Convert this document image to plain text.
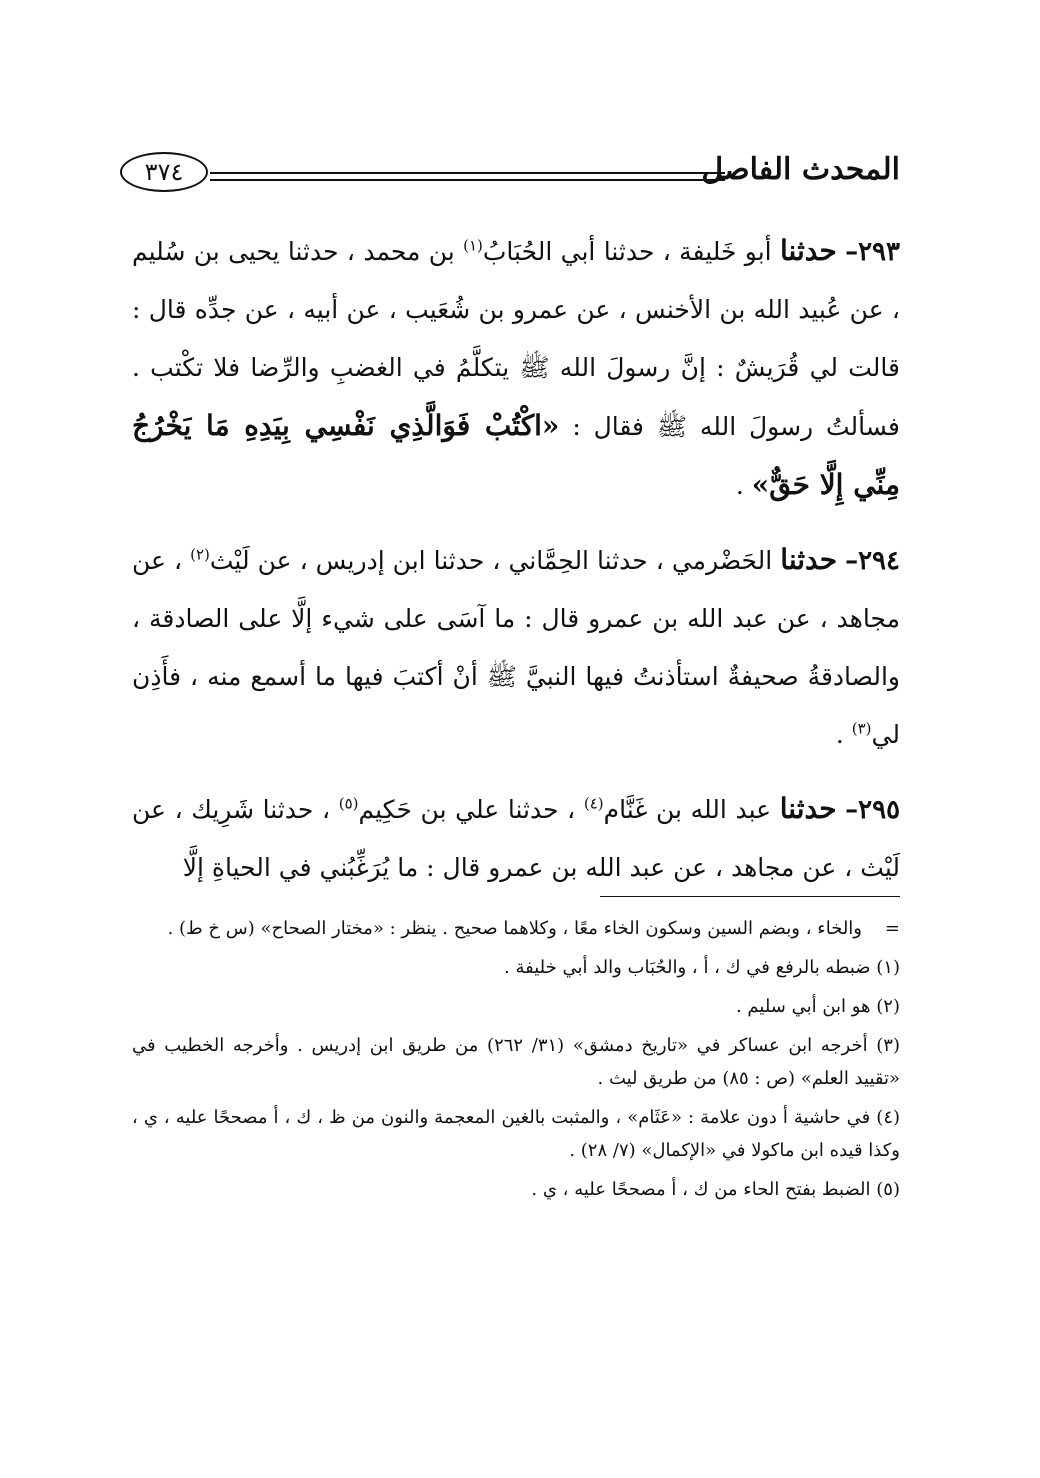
المحدث الفاصل
٣٧٤

٢٩٣– حدثنا أبو خَليفة ، حدثنا أبي الحُبَابُ$^{(١)}$ بن محمد ، حدثنا يحيى بن سُليم ، عن عُبيد الله بن الأخنس ، عن عمرو بن شُعَيب ، عن أبيه ، عن جدِّه قال : قالت لي قُرَيشٌ : إنَّ رسولَ الله ﷺ يتكلَّمُ في الغضبِ والرِّضا فلا تكْتب . فسألتُ رسولَ الله ﷺ فقال : «اكْتُبْ فَوَالَّذِي نَفْسِي بِيَدِهِ مَا يَخْرُجُ مِنِّي إِلَّا حَقٌّ» .

٢٩٤– حدثنا الحَضْرمي ، حدثنا الحِمَّاني ، حدثنا ابن إدريس ، عن لَيْث$^{(٢)}$ ، عن مجاهد ، عن عبد الله بن عمرو قال : ما آسَى على شيء إلَّا على الصادقة ، والصادقةُ صحيفةٌ استأذنتُ فيها النبيَّ ﷺ أنْ أكتبَ فيها ما أسمع منه ، فأَذِن لي$^{(٣)}$ .

٢٩٥– حدثنا عبد الله بن غَنَّام$^{(٤)}$ ، حدثنا علي بن حَكِيم$^{(٥)}$ ، حدثنا شَرِيك ، عن لَيْث ، عن مجاهد ، عن عبد الله بن عمرو قال : ما يُرَغِّبُني في الحياةِ إلَّا

=
والخاء ، وبضم السين وسكون الخاء معًا ، وكلاهما صحيح . ينظر : «مختار الصحاح» (س خ ط) .

(١) ضبطه بالرفع في ك ، أ ، والحُبَاب والد أبي خليفة .

(٢) هو ابن أبي سليم .

(٣) أخرجه ابن عساكر في «تاريخ دمشق» (٣١/ ٢٦٢) من طريق ابن إدريس . وأخرجه الخطيب في «تقييد العلم» (ص : ٨٥) من طريق ليث .

(٤) في حاشية أ دون علامة : «عَثَام» ، والمثبت بالغين المعجمة والنون من ظ ، ك ، أ مصححًا عليه ، ي ، وكذا قيده ابن ماكولا في «الإكمال» (٧/ ٢٨) .

(٥) الضبط بفتح الحاء من ك ، أ مصححًا عليه ، ي .
